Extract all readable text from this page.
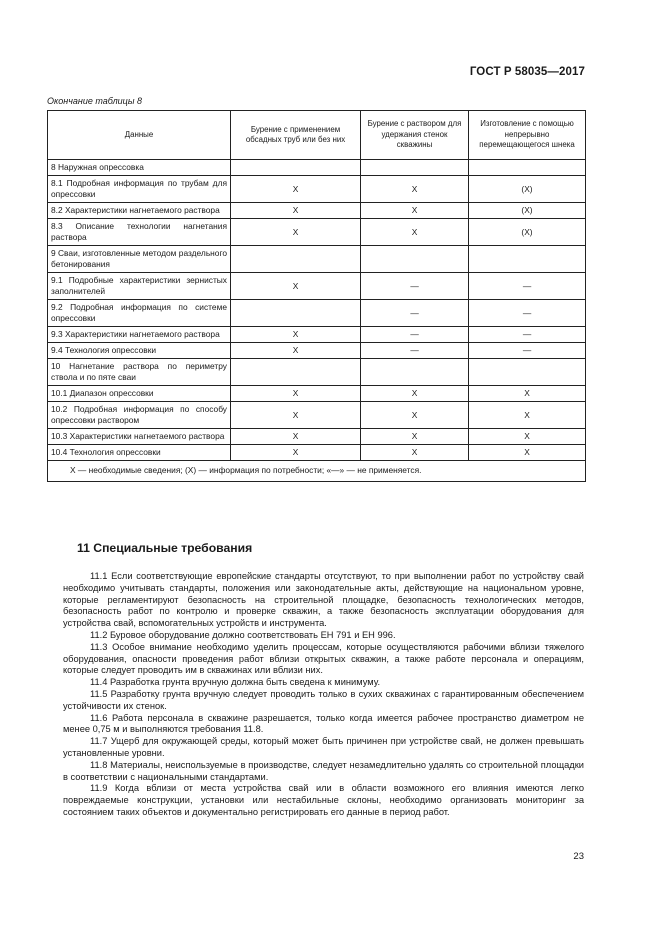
ГОСТ Р 58035—2017
Окончание таблицы 8
Данные	Бурение с применением обсадных труб или без них	Бурение с раствором для удержания стенок скважины	Изготовление с помощью непрерывно перемещающегося шнека
8 Наружная опрессовка			
8.1 Подробная информация по трубам для опрессовки	X	X	(X)
8.2 Характеристики нагнетаемого раствора	X	X	(X)
8.3 Описание технологии нагнетания раствора	X	X	(X)
9 Сваи, изготовленные методом раздельного бетонирования			
9.1 Подробные характеристики зернистых заполнителей	X	—	—
9.2 Подробная информация по системе опрессовки		—	—
9.3 Характеристики нагнетаемого раствора	X	—	—
9.4 Технология опрессовки	X	—	—
10 Нагнетание раствора по периметру ствола и по пяте сваи			
10.1 Диапазон опрессовки	X	X	X
10.2 Подробная информация по способу опрессовки раствором	X	X	X
10.3 Характеристики нагнетаемого раствора	X	X	X
10.4 Технология опрессовки	X	X	X
X — необходимые сведения; (X) — информация по потребности; «—» — не применяется.			
11 Специальные требования

11.1 Если соответствующие европейские стандарты отсутствуют, то при выполнении работ по устройству свай необходимо учитывать стандарты, положения или законодательные акты, действующие на национальном уровне, которые регламентируют безопасность на строительной площадке, безопасность технологических методов, безопасность работ по контролю и проверке скважин, а также безопасность эксплуатации оборудования для устройства свай, вспомогательных устройств и инструмента.

11.2 Буровое оборудование должно соответствовать ЕН 791 и ЕН 996.

11.3 Особое внимание необходимо уделить процессам, которые осуществляются рабочими вблизи тяжелого оборудования, опасности проведения работ вблизи открытых скважин, а также работе персонала и операциям, которые следует проводить им в скважинах или вблизи них.

11.4 Разработка грунта вручную должна быть сведена к минимуму.

11.5 Разработку грунта вручную следует проводить только в сухих скважинах с гарантированным обеспечением устойчивости их стенок.

11.6 Работа персонала в скважине разрешается, только когда имеется рабочее пространство диаметром не менее 0,75 м и выполняются требования 11.8.

11.7 Ущерб для окружающей среды, который может быть причинен при устройстве свай, не должен превышать установленные уровни.

11.8 Материалы, неиспользуемые в производстве, следует незамедлительно удалять со строительной площадки в соответствии с национальными стандартами.

11.9 Когда вблизи от места устройства свай или в области возможного его влияния имеются легко повреждаемые конструкции, установки или нестабильные склоны, необходимо организовать мониторинг за состоянием таких объектов и документально регистрировать его данные в период работ.

23
